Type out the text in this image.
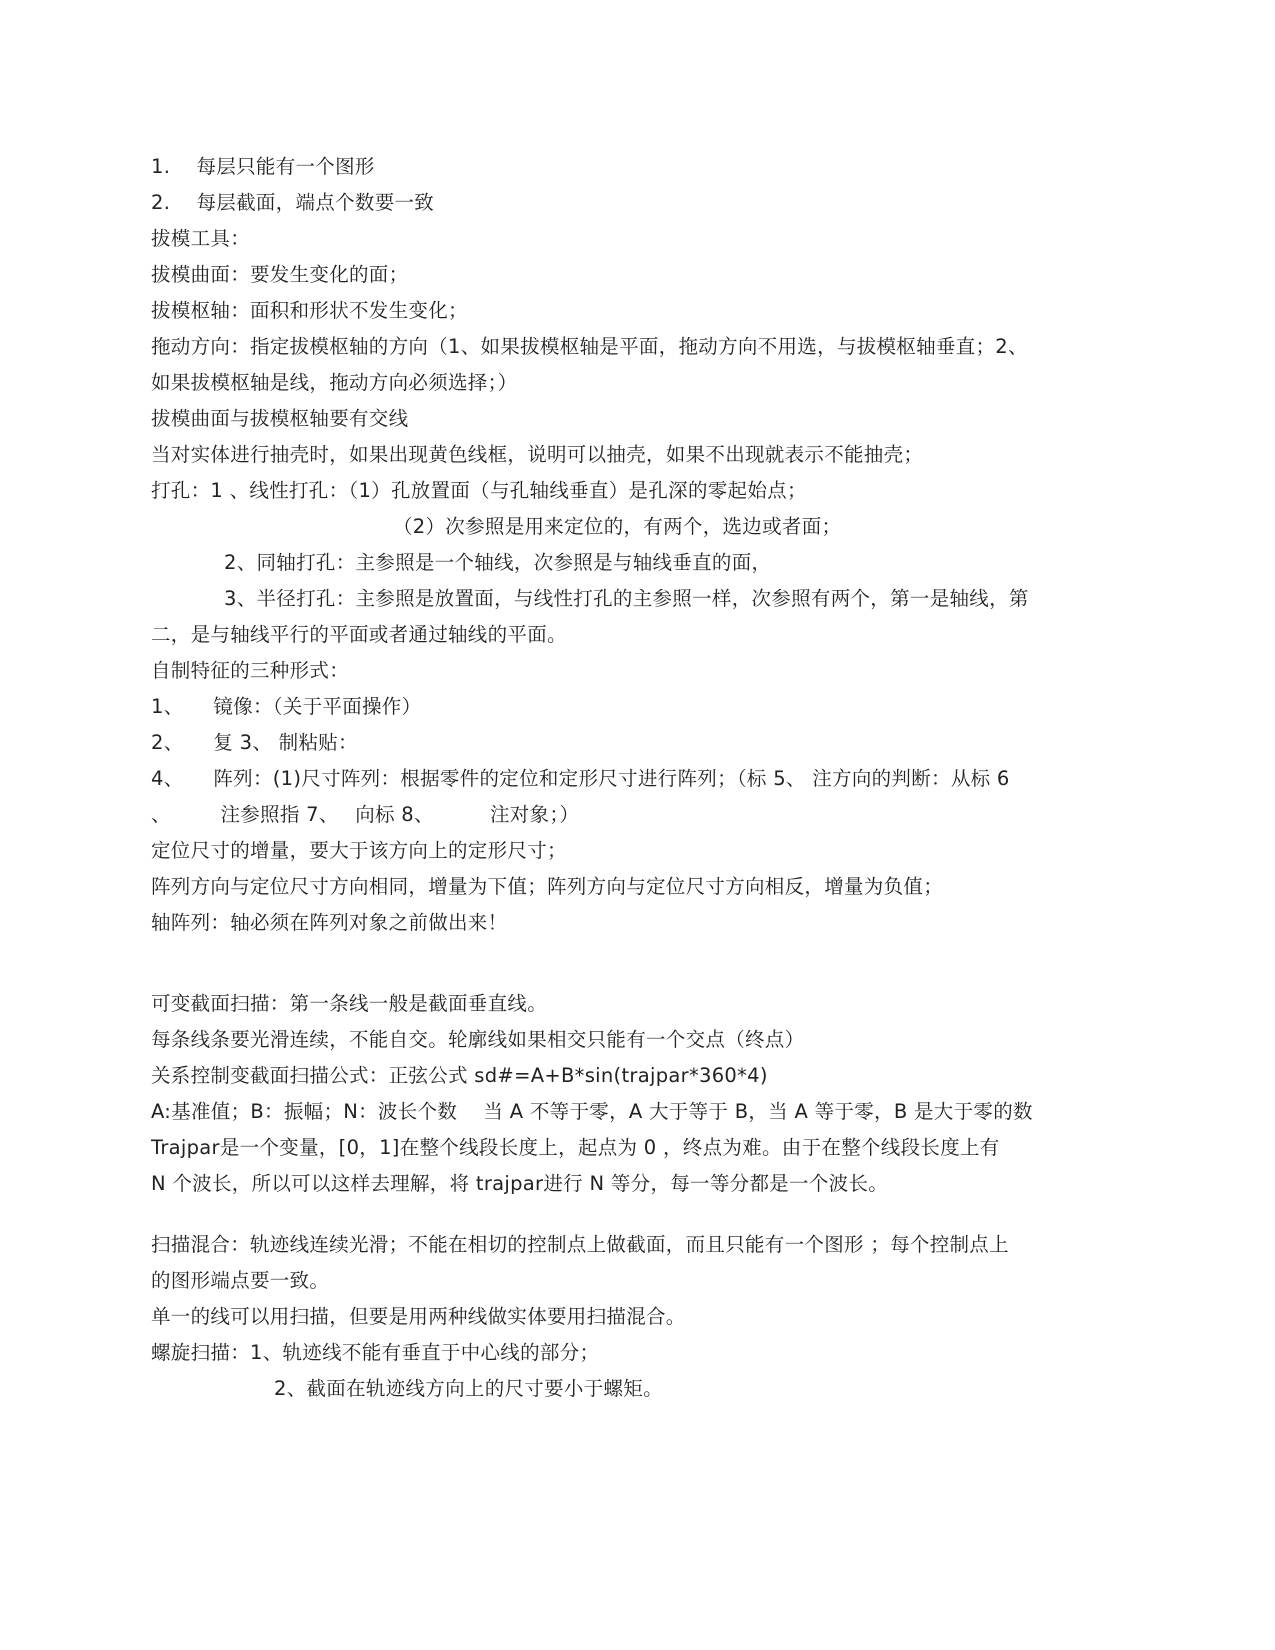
1.　 每层只能有一个图形
2.　 每层截面，端点个数要一致
拔模工具：
拔模曲面：要发生变化的面；
拔模枢轴：面积和形状不发生变化；
拖动方向：指定拔模枢轴的方向（1、如果拔模枢轴是平面，拖动方向不用选，与拔模枢轴垂直；2、
如果拔模枢轴是线，拖动方向必须选择；）
拔模曲面与拔模枢轴要有交线
当对实体进行抽壳时，如果出现黄色线框，说明可以抽壳，如果不出现就表示不能抽壳；
打孔：1 、线性打孔：（1）孔放置面（与孔轴线垂直）是孔深的零起始点；
（2）次参照是用来定位的，有两个，选边或者面；
2、同轴打孔：主参照是一个轴线，次参照是与轴线垂直的面，
3、半径打孔：主参照是放置面，与线性打孔的主参照一样，次参照有两个，第一是轴线，第
二，是与轴线平行的平面或者通过轴线的平面。
自制特征的三种形式：
1、　　镜像：（关于平面操作）
2、　　复 3、 制粘贴：
4、　　阵列：(1)尺寸阵列：根据零件的定位和定形尺寸进行阵列；（标 5、 注方向的判断：从标 6
、　　　注参照指 7、　 向标 8、　　　 注对象；）
定位尺寸的增量，要大于该方向上的定形尺寸；
阵列方向与定位尺寸方向相同，增量为下值；阵列方向与定位尺寸方向相反，增量为负值；
轴阵列：轴必须在阵列对象之前做出来！
可变截面扫描：第一条线一般是截面垂直线。
每条线条要光滑连续，不能自交。轮廓线如果相交只能有一个交点（终点）
关系控制变截面扫描公式：正弦公式 sd#=A+B*sin(trajpar*360*4)
A:基准值；B：振幅；N：波长个数　 当 A 不等于零，A 大于等于 B，当 A 等于零，B 是大于零的数
Trajpar是一个变量，[0，1]在整个线段长度上，起点为 0 ，终点为难。由于在整个线段长度上有
N 个波长，所以可以这样去理解，将 trajpar进行 N 等分，每一等分都是一个波长。
扫描混合：轨迹线连续光滑；不能在相切的控制点上做截面，而且只能有一个图形 ；每个控制点上
的图形端点要一致。
单一的线可以用扫描，但要是用两种线做实体要用扫描混合。
螺旋扫描：1、轨迹线不能有垂直于中心线的部分；
2、截面在轨迹线方向上的尺寸要小于螺矩。
